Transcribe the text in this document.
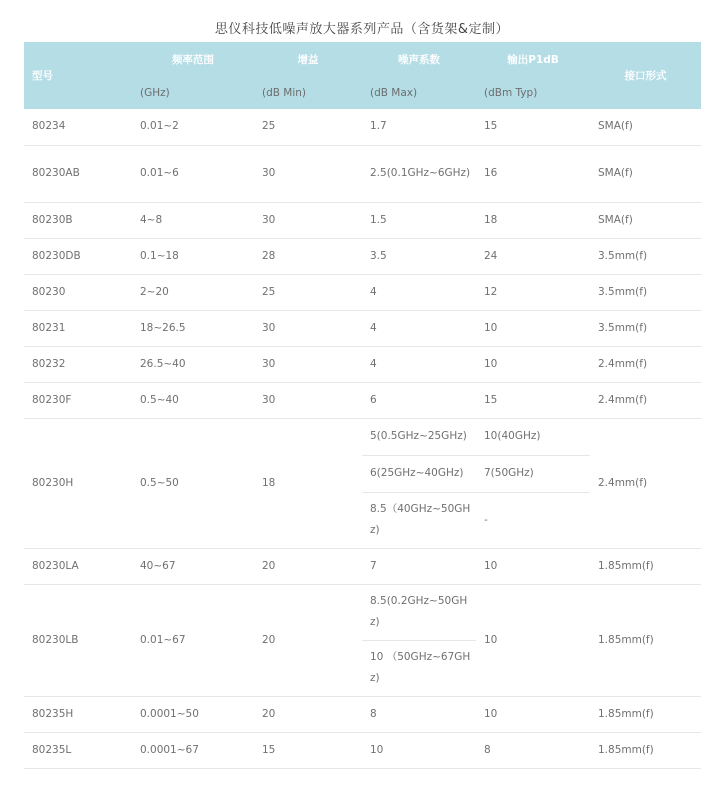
思仪科技低噪声放大器系列产品（含货架&定制）
型号	频率范围	增益	噪声系数	输出P1dB	接口形式
	(GHz)	(dB Min)	(dB Max)	(dBm Typ)	
80234	0.01~2	25	1.7	15	SMA(f)
80230AB	0.01~6	30	2.5(0.1GHz~6GHz)	16	SMA(f)
80230B	4~8	30	1.5	18	SMA(f)
80230DB	0.1~18	28	3.5	24	3.5mm(f)
80230	2~20	25	4	12	3.5mm(f)
80231	18~26.5	30	4	10	3.5mm(f)
80232	26.5~40	30	4	10	2.4mm(f)
80230F	0.5~40	30	6	15	2.4mm(f)
80230H	0.5~50	18	5(0.5GHz~25GHz)	10(40GHz)	2.4mm(f)
			6(25GHz~40GHz)	7(50GHz)	
			8.5（40GHz~50GHz)	-	
80230LA	40~67	20	7	10	1.85mm(f)
80230LB	0.01~67	20	8.5(0.2GHz~50GHz)	10	1.85mm(f)
			10 （50GHz~67GHz)		
80235H	0.0001~50	20	8	10	1.85mm(f)
80235L	0.0001~67	15	10	8	1.85mm(f)
